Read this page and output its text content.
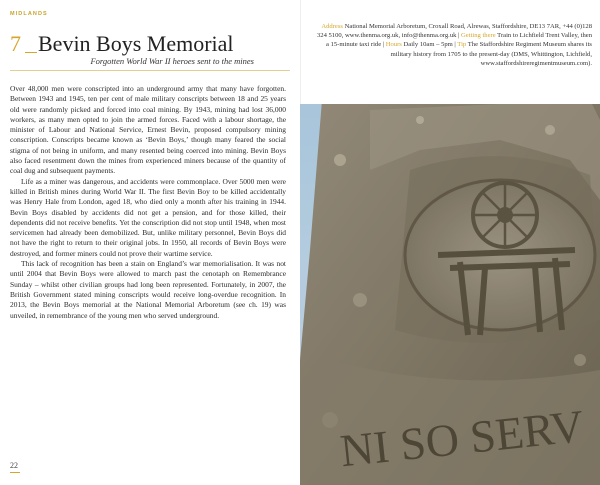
MIDLANDS
7 Bevin Boys Memorial
Forgotten World War II heroes sent to the mines

Over 48,000 men were conscripted into an underground army that many have forgotten. Between 1943 and 1945, ten per cent of male military conscripts between 18 and 25 years old were randomly picked and forced into coal mining. By 1943, mining had lost 36,000 workers, as many men opted to join the armed forces. Faced with a labour shortage, the minister of Labour and National Service, Ernest Bevin, proposed compulsory mining conscription. Conscripts became known as ‘Bevin Boys,’ though many feared the social stigma of not being in uniform, and many resented being coerced into mining. Bevin Boys also faced resentment down the mines from experienced miners because of the quantity of coal dug and subsequent payments.

Life as a miner was dangerous, and accidents were commonplace. Over 5000 men were killed in British mines during World War II. The first Bevin Boy to be killed accidentally was Henry Hale from London, aged 18, who died only a month after his training in 1944. Bevin Boys disabled by accidents did not get a pension, and for those killed, their dependents did not receive benefits. Yet the conscription did not stop until 1948, when most servicemen had already been demobilized. But, unlike military personnel, Bevin Boys did not have the right to return to their original jobs. In 1950, all records of Bevin Boys were destroyed, and former miners could not prove their wartime service.

This lack of recognition has been a stain on England’s war memorialisation. It was not until 2004 that Bevin Boys were allowed to march past the cenotaph on Remembrance Sunday – whilst other civilian groups had long been represented. Fortunately, in 2007, the British Government stated mining conscripts would receive long-overdue recognition. In 2013, the Bevin Boys memorial at the National Memorial Arboretum (see ch. 19) was unveiled, in remembrance of the young men who served underground.

22	NI SO SERV
Address National Memorial Arboretum, Croxall Road, Alrewas, Staffordshire, DE13 7AR, +44 (0)128 324 5100, www.thenma.org.uk, info@thenma.org.uk | Getting there Train to Lichfield Trent Valley, then a 15-minute taxi ride | Hours Daily 10am – 5pm | Tip The Staffordshire Regiment Museum shares its military history from 1705 to the present-day (DMS, Whittington, Lichfield, www.staffordshireregimentmuseum.com).
